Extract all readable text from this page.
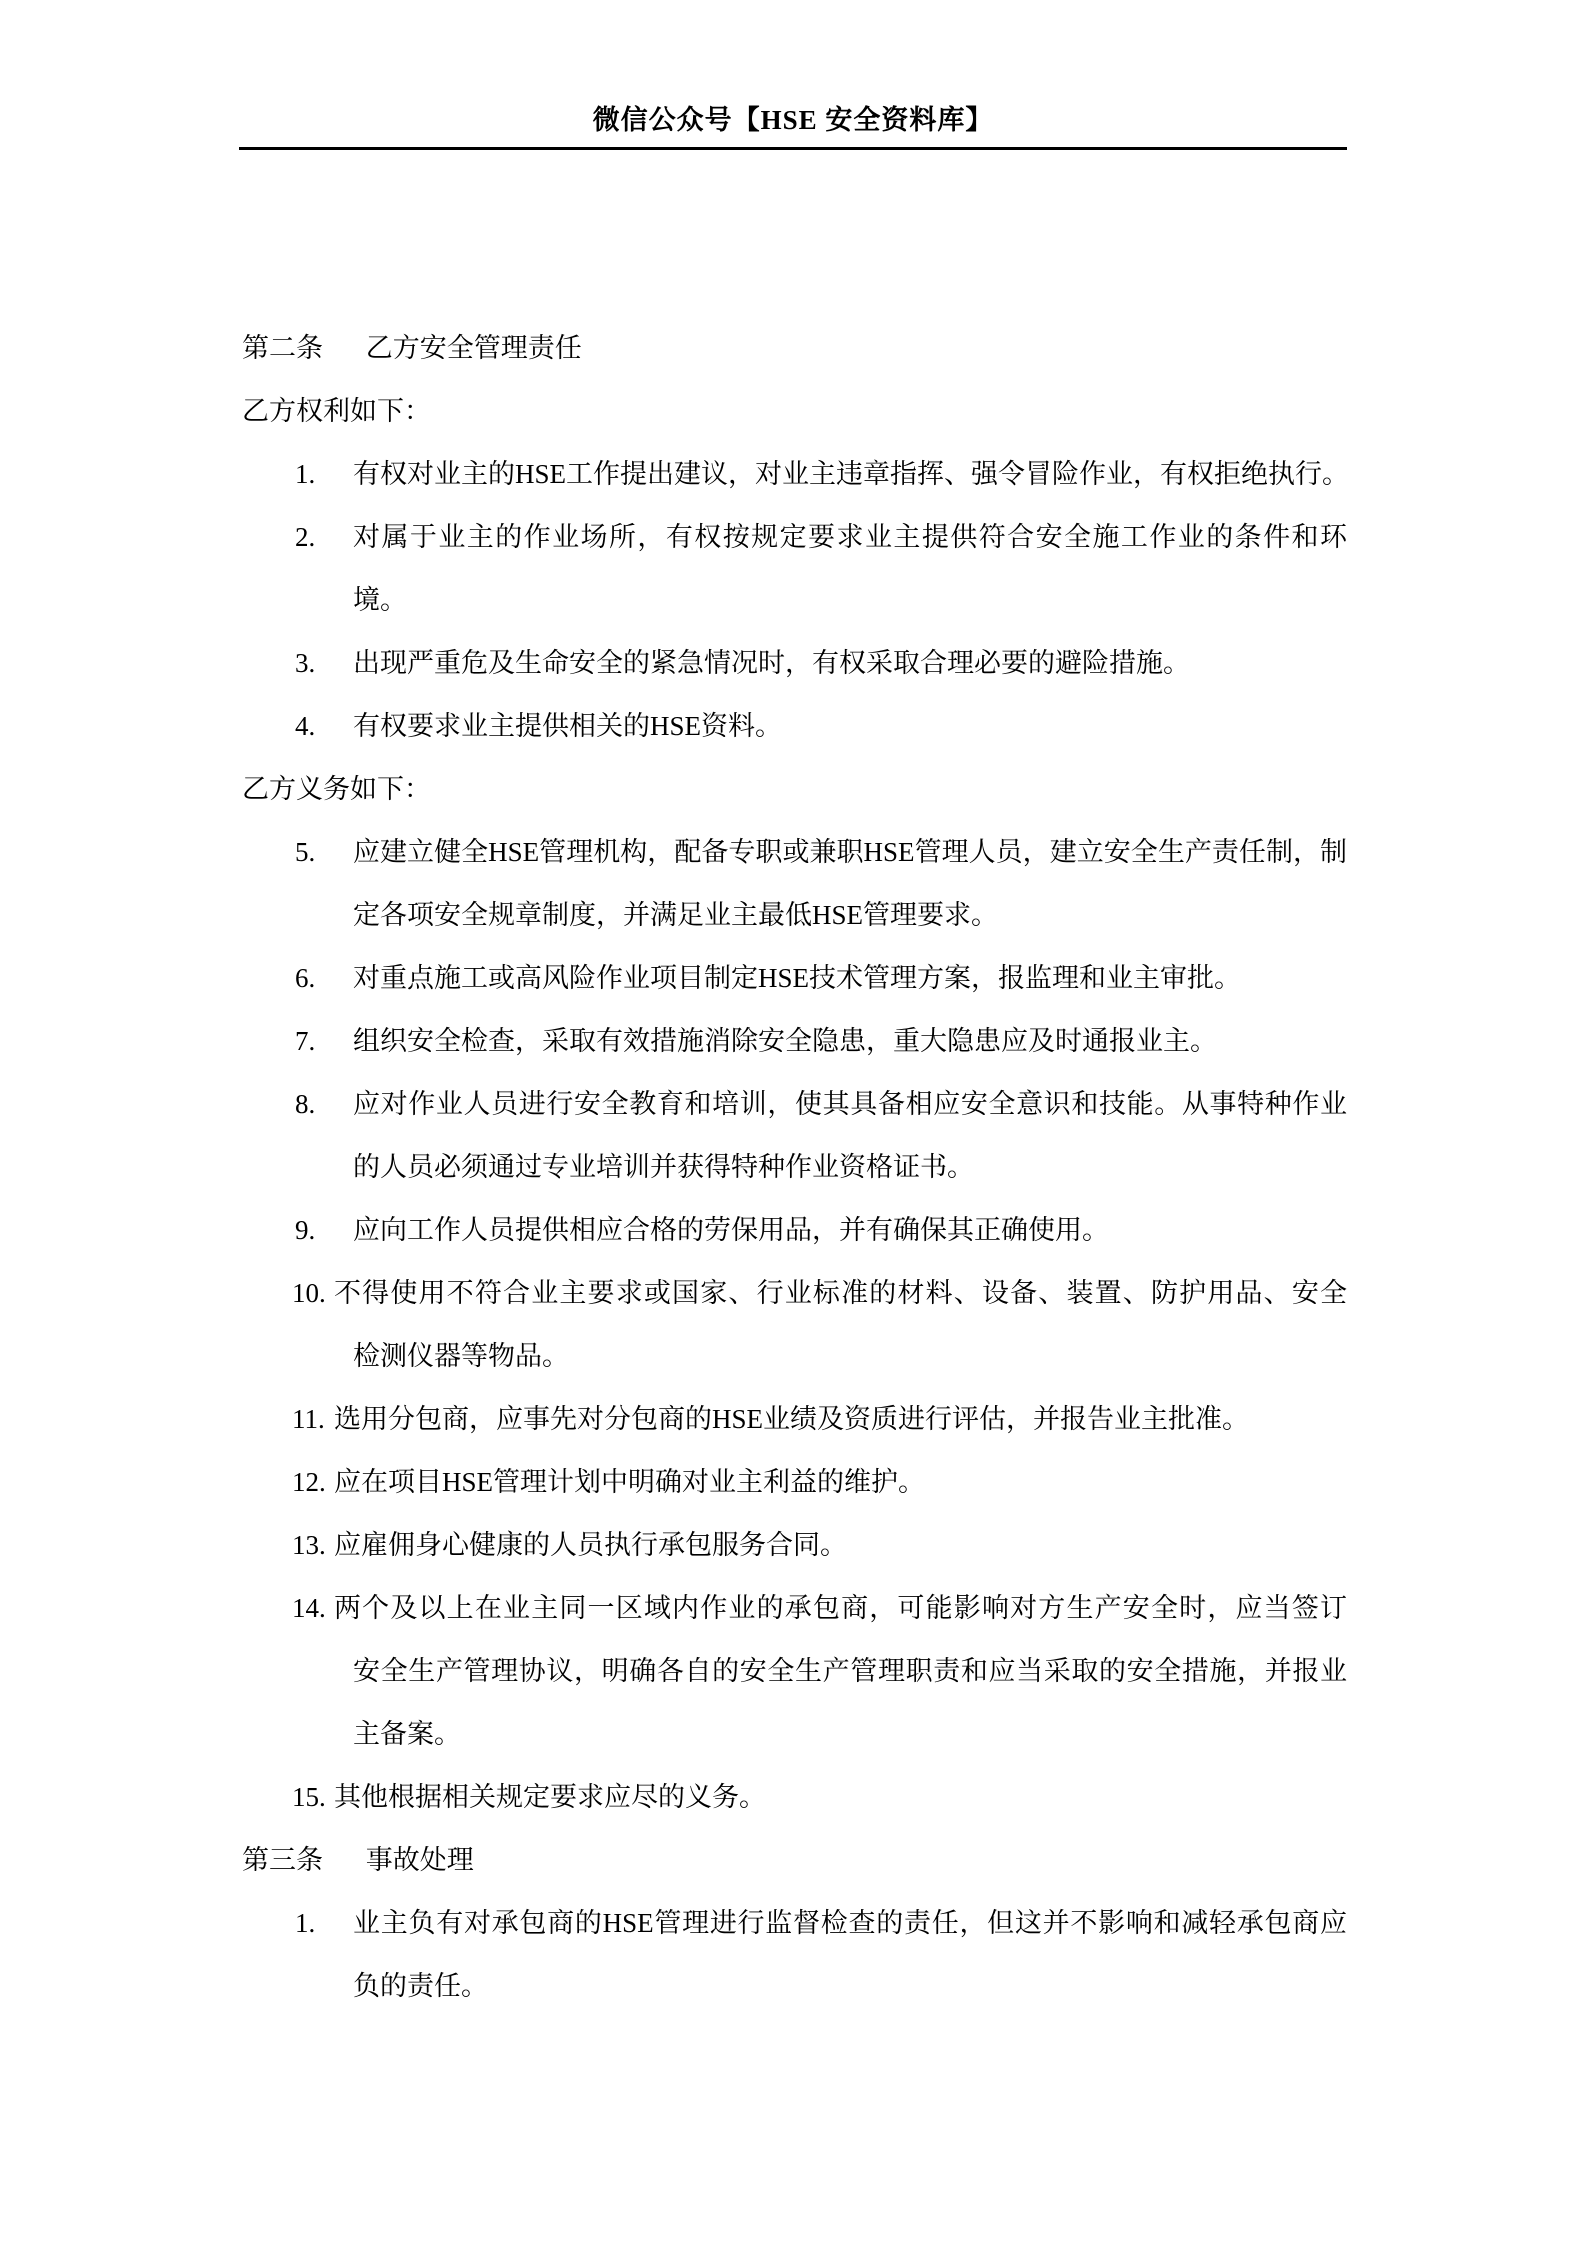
微信公众号【HSE 安全资料库】
第二条 乙方安全管理责任
乙方权利如下：
1. 有权对业主的HSE工作提出建议，对业主违章指挥、强令冒险作业，有权拒绝执行。
2. 对属于业主的作业场所，有权按规定要求业主提供符合安全施工作业的条件和环
境。
3. 出现严重危及生命安全的紧急情况时，有权采取合理必要的避险措施。
4. 有权要求业主提供相关的HSE资料。
乙方义务如下：
5. 应建立健全HSE管理机构，配备专职或兼职HSE管理人员，建立安全生产责任制，制
定各项安全规章制度，并满足业主最低HSE管理要求。
6. 对重点施工或高风险作业项目制定HSE技术管理方案，报监理和业主审批。
7. 组织安全检查，采取有效措施消除安全隐患，重大隐患应及时通报业主。
8. 应对作业人员进行安全教育和培训，使其具备相应安全意识和技能。从事特种作业
的人员必须通过专业培训并获得特种作业资格证书。
9. 应向工作人员提供相应合格的劳保用品，并有确保其正确使用。
10. 不得使用不符合业主要求或国家、行业标准的材料、设备、装置、防护用品、安全
检测仪器等物品。
11. 选用分包商，应事先对分包商的HSE业绩及资质进行评估，并报告业主批准。
12. 应在项目HSE管理计划中明确对业主利益的维护。
13. 应雇佣身心健康的人员执行承包服务合同。
14. 两个及以上在业主同一区域内作业的承包商，可能影响对方生产安全时，应当签订
安全生产管理协议，明确各自的安全生产管理职责和应当采取的安全措施，并报业
主备案。
15. 其他根据相关规定要求应尽的义务。
第三条 事故处理
1. 业主负有对承包商的HSE管理进行监督检查的责任，但这并不影响和减轻承包商应
负的责任。
